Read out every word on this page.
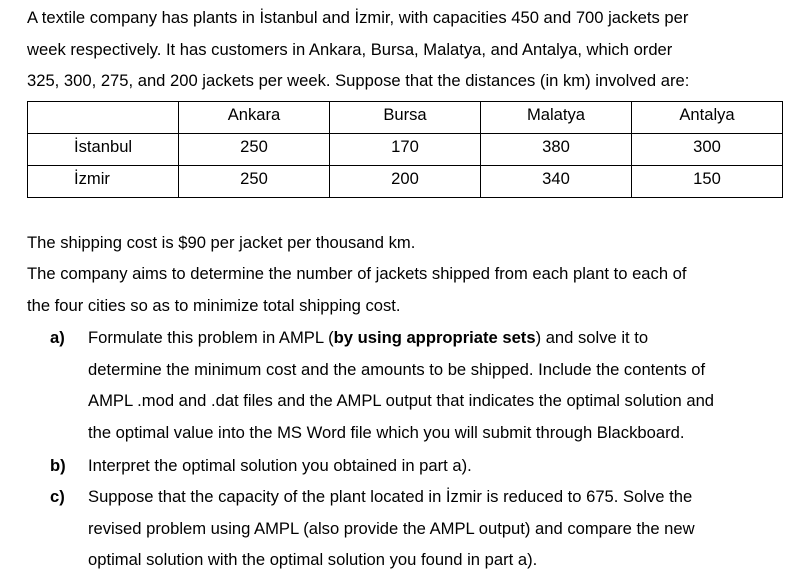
A textile company has plants in İstanbul and İzmir, with capacities 450 and 700 jackets per
week respectively. It has customers in Ankara, Bursa, Malatya, and Antalya, which order
325, 300, 275, and 200 jackets per week. Suppose that the distances (in km) involved are:
	Ankara	Bursa	Malatya	Antalya
İstanbul	250	170	380	300
İzmir	250	200	340	150
The shipping cost is $90 per jacket per thousand km.
The company aims to determine the number of jackets shipped from each plant to each of
the four cities so as to minimize total shipping cost.
a) Formulate this problem in AMPL (by using appropriate sets) and solve it to
determine the minimum cost and the amounts to be shipped. Include the contents of
AMPL .mod and .dat files and the AMPL output that indicates the optimal solution and
the optimal value into the MS Word file which you will submit through Blackboard.
b) Interpret the optimal solution you obtained in part a).
c) Suppose that the capacity of the plant located in İzmir is reduced to 675. Solve the
revised problem using AMPL (also provide the AMPL output) and compare the new
optimal solution with the optimal solution you found in part a).
